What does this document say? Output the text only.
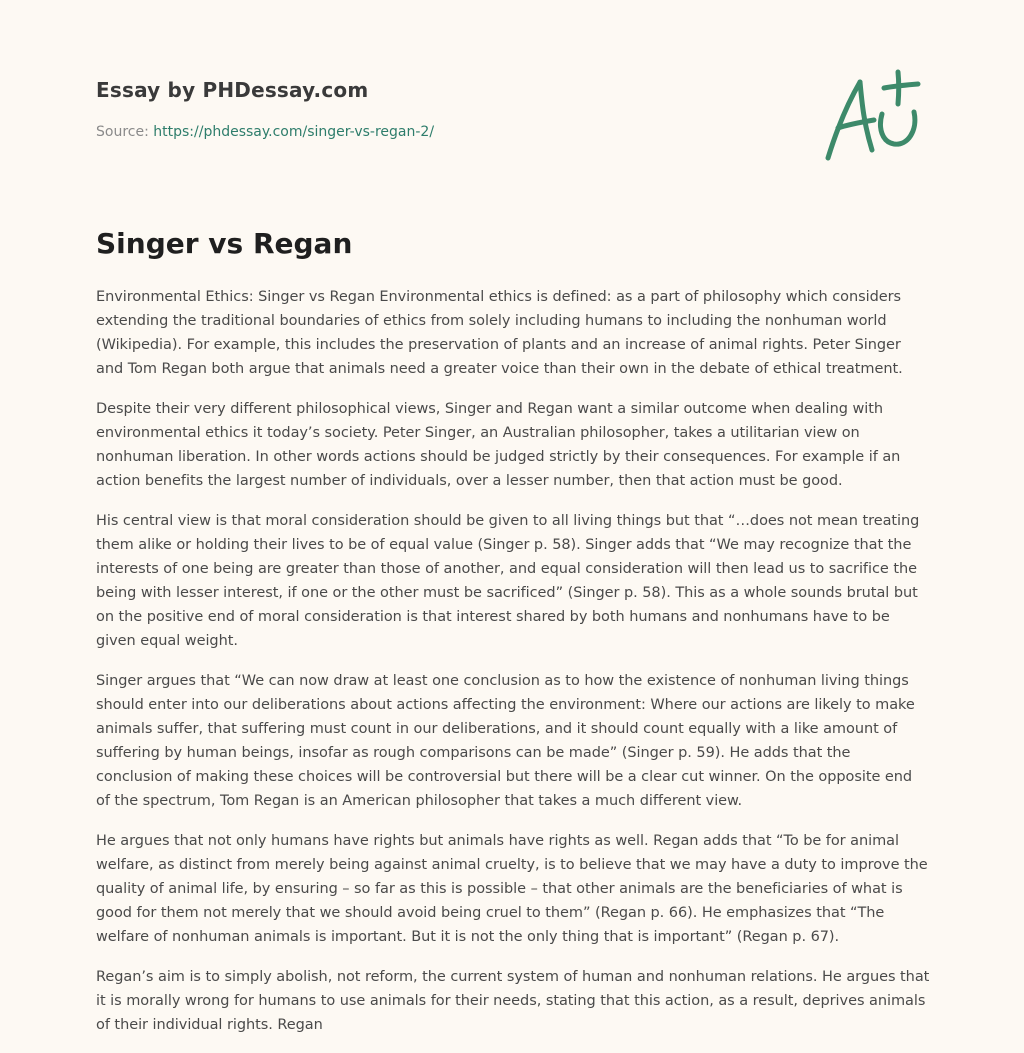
Essay by PHDessay.com
Source: https://phdessay.com/singer-vs-regan-2/
Singer vs Regan

Environmental Ethics: Singer vs Regan Environmental ethics is defined: as a part of philosophy which considers extending the traditional boundaries of ethics from solely including humans to including the nonhuman world (Wikipedia). For example, this includes the preservation of plants and an increase of animal rights. Peter Singer and Tom Regan both argue that animals need a greater voice than their own in the debate of ethical treatment.

Despite their very different philosophical views, Singer and Regan want a similar outcome when dealing with environmental ethics it today’s society. Peter Singer, an Australian philosopher, takes a utilitarian view on nonhuman liberation. In other words actions should be judged strictly by their consequences. For example if an action benefits the largest number of individuals, over a lesser number, then that action must be good.

His central view is that moral consideration should be given to all living things but that “…does not mean treating them alike or holding their lives to be of equal value (Singer p. 58). Singer adds that “We may recognize that the interests of one being are greater than those of another, and equal consideration will then lead us to sacrifice the being with lesser interest, if one or the other must be sacrificed” (Singer p. 58). This as a whole sounds brutal but on the positive end of moral consideration is that interest shared by both humans and nonhumans have to be given equal weight.

Singer argues that “We can now draw at least one conclusion as to how the existence of nonhuman living things should enter into our deliberations about actions affecting the environment: Where our actions are likely to make animals suffer, that suffering must count in our deliberations, and it should count equally with a like amount of suffering by human beings, insofar as rough comparisons can be made” (Singer p. 59). He adds that the conclusion of making these choices will be controversial but there will be a clear cut winner. On the opposite end of the spectrum, Tom Regan is an American philosopher that takes a much different view.

He argues that not only humans have rights but animals have rights as well. Regan adds that “To be for animal welfare, as distinct from merely being against animal cruelty, is to believe that we may have a duty to improve the quality of animal life, by ensuring – so far as this is possible – that other animals are the beneficiaries of what is good for them not merely that we should avoid being cruel to them” (Regan p. 66). He emphasizes that “The welfare of nonhuman animals is important. But it is not the only thing that is important” (Regan p. 67).

Regan’s aim is to simply abolish, not reform, the current system of human and nonhuman relations. He argues that it is morally wrong for humans to use animals for their needs, stating that this action, as a result, deprives animals of their individual rights. Regan
